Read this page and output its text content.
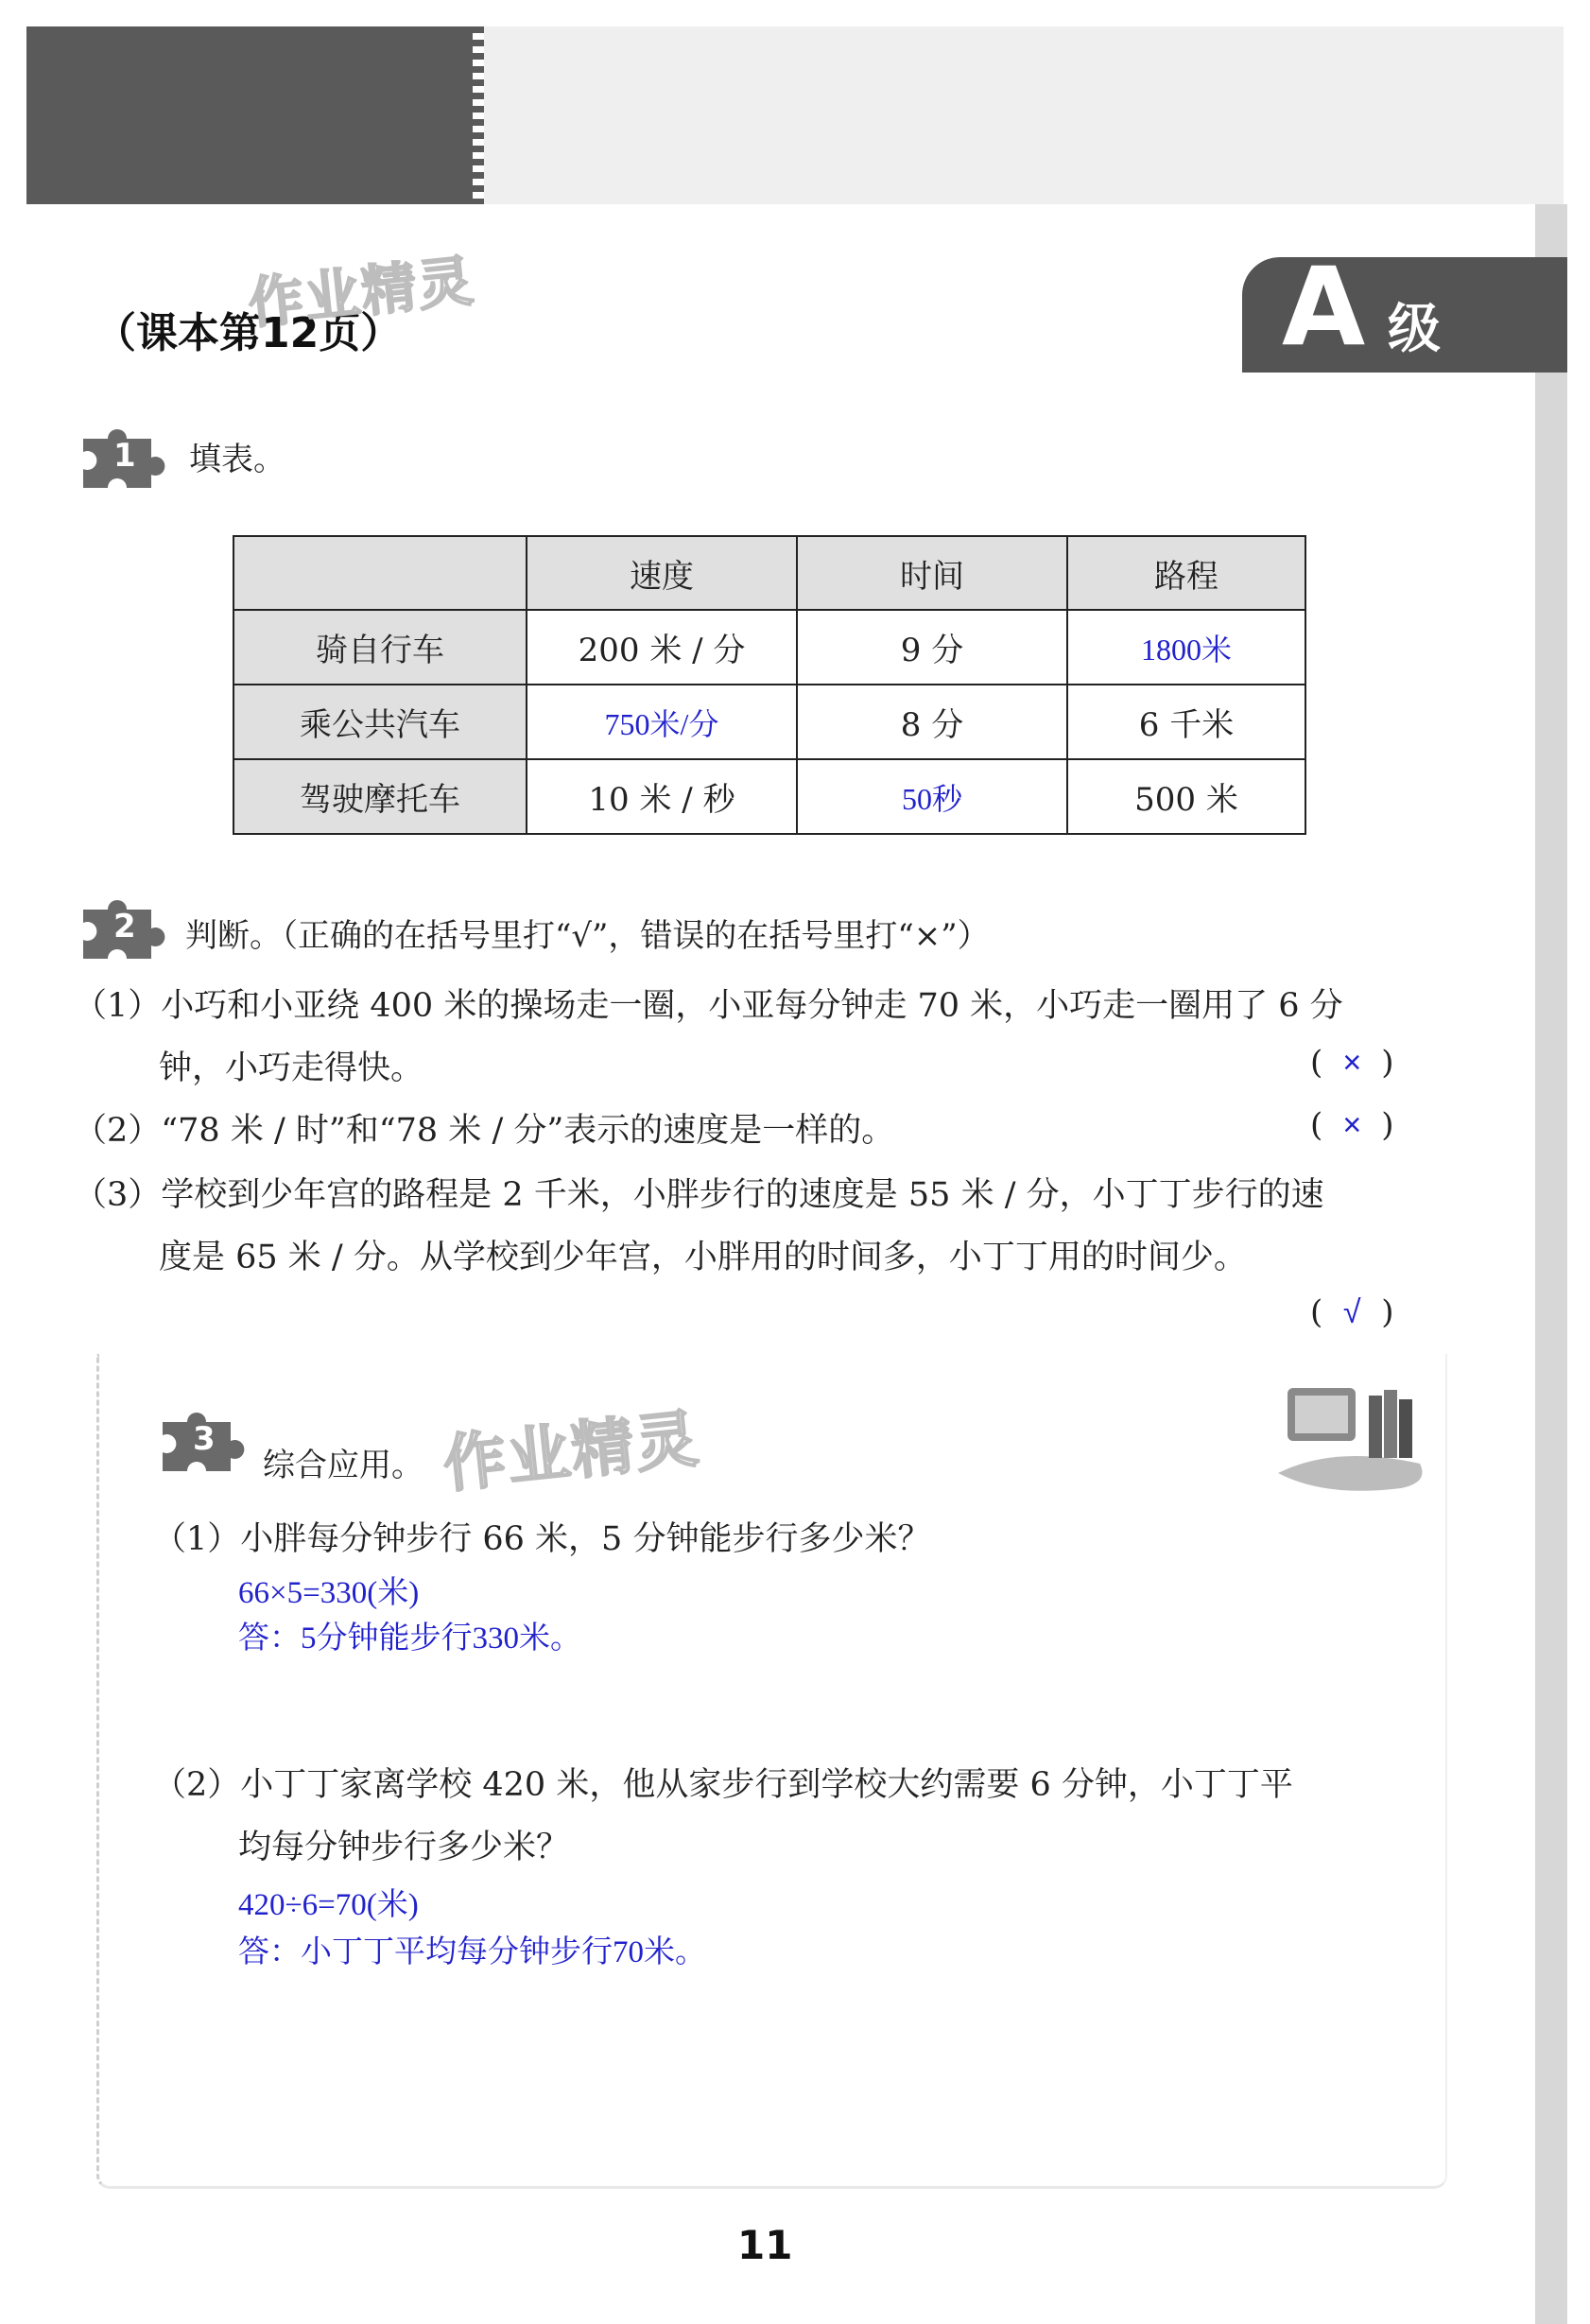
（课本第12页）
作业精灵	A 级
1 填表。
	速度	时间	路程
骑自行车	200 米 / 分	9 分	1800米
乘公共汽车	750米/分	8 分	6 千米
驾驶摩托车	10 米 / 秒	50秒	500 米
2 判断。（正确的在括号里打“√”，错误的在括号里打“×”）
（1）小巧和小亚绕 400 米的操场走一圈，小亚每分钟走 70 米，小巧走一圈用了 6 分
钟，小巧走得快。	( × )
（2）“78 米 / 时”和“78 米 / 分”表示的速度是一样的。	( × )
（3）学校到少年宫的路程是 2 千米，小胖步行的速度是 55 米 / 分，小丁丁步行的速
度是 65 米 / 分。从学校到少年宫，小胖用的时间多，小丁丁用的时间少。
( √ )
3
综合应用。 作业精灵
（1）小胖每分钟步行 66 米，5 分钟能步行多少米？
66×5=330(米)
答：5分钟能步行330米。
（2）小丁丁家离学校 420 米，他从家步行到学校大约需要 6 分钟，小丁丁平
均每分钟步行多少米？
420÷6=70(米)
答：小丁丁平均每分钟步行70米。
11
